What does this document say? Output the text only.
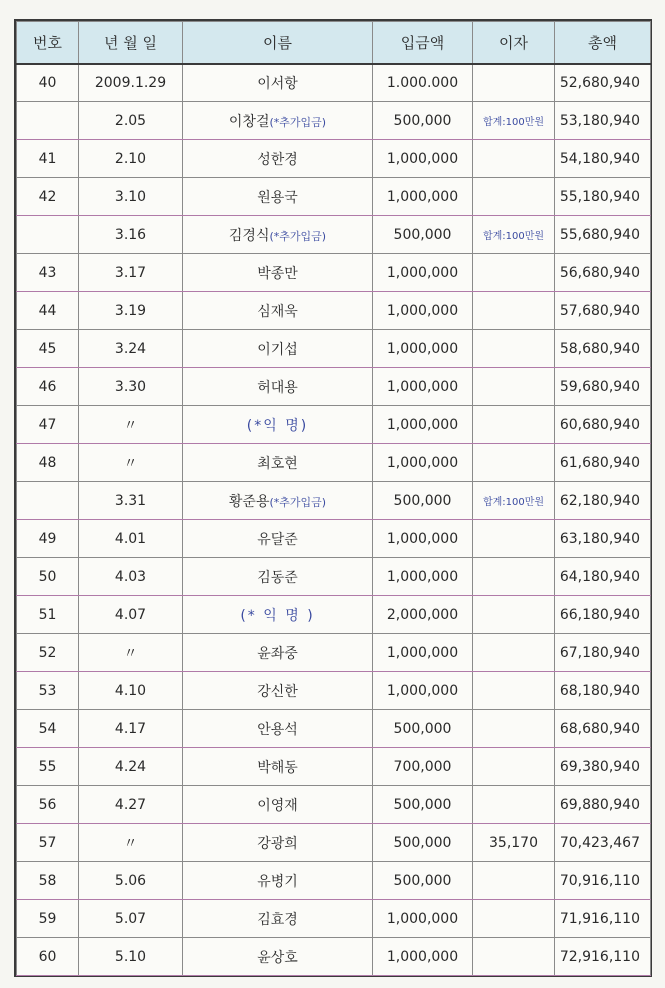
번호	년 월 일	이름	입금액	이자	총액
40	2009.1.29	이서항	1.000.000		52,680,940
	2.05	이창걸(*추가입금)	500,000	합계:100만원	53,180,940
41	2.10	성한경	1,000,000		54,180,940
42	3.10	원용국	1,000,000		55,180,940
	3.16	김경식(*추가입금)	500,000	합계:100만원	55,680,940
43	3.17	박종만	1,000,000		56,680,940
44	3.19	심재욱	1,000,000		57,680,940
45	3.24	이기섭	1,000,000		58,680,940
46	3.30	허대용	1,000,000		59,680,940
47	〃	(*익 명)	1,000,000		60,680,940
48	〃	최호현	1,000,000		61,680,940
	3.31	황준용(*추가입금)	500,000	합계:100만원	62,180,940
49	4.01	유달준	1,000,000		63,180,940
50	4.03	김동준	1,000,000		64,180,940
51	4.07	(* 익 명 )	2,000,000		66,180,940
52	〃	윤좌중	1,000,000		67,180,940
53	4.10	강신한	1,000,000		68,180,940
54	4.17	안용석	500,000		68,680,940
55	4.24	박해동	700,000		69,380,940
56	4.27	이영재	500,000		69,880,940
57	〃	강광희	500,000	35,170	70,423,467
58	5.06	유병기	500,000		70,916,110
59	5.07	김효경	1,000,000		71,916,110
60	5.10	윤상호	1,000,000		72,916,110
